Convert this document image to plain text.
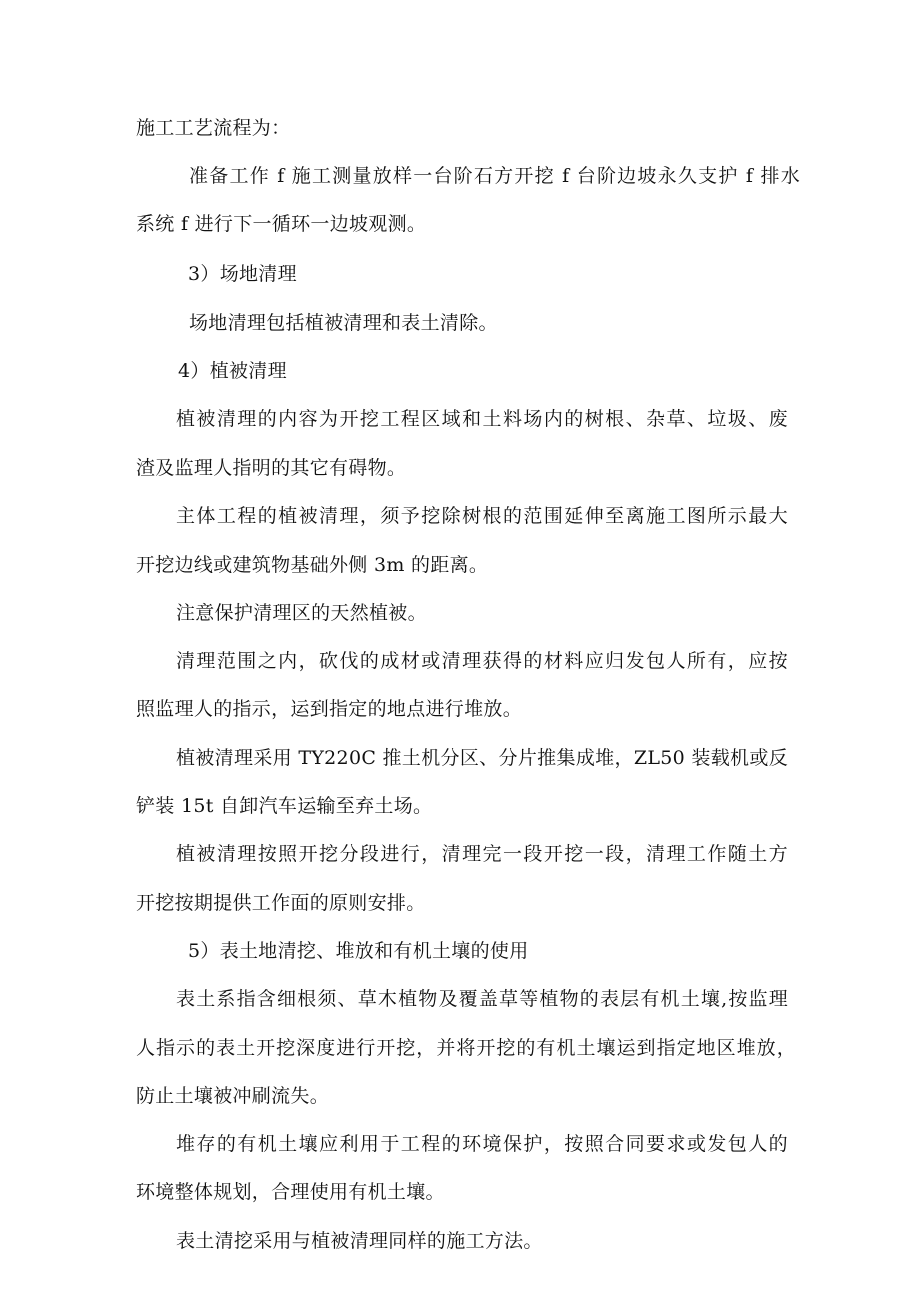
施工工艺流程为：
准备工作 f 施工测量放样一台阶石方开挖 f 台阶边坡永久支护 f 排水
系统 f 进行下一循环一边坡观测。
3）场地清理
场地清理包括植被清理和表土清除。
4）植被清理
植被清理的内容为开挖工程区域和土料场内的树根、杂草、垃圾、废
渣及监理人指明的其它有碍物。
主体工程的植被清理，须予挖除树根的范围延伸至离施工图所示最大
开挖边线或建筑物基础外侧 3m 的距离。
注意保护清理区的天然植被。
清理范围之内，砍伐的成材或清理获得的材料应归发包人所有，应按
照监理人的指示，运到指定的地点进行堆放。
植被清理采用 TY220C 推土机分区、分片推集成堆，ZL50 装载机或反
铲装 15t 自卸汽车运输至弃土场。
植被清理按照开挖分段进行，清理完一段开挖一段，清理工作随土方
开挖按期提供工作面的原则安排。
5）表土地清挖、堆放和有机土壤的使用
表土系指含细根须、草木植物及覆盖草等植物的表层有机土壤,按监理
人指示的表土开挖深度进行开挖，并将开挖的有机土壤运到指定地区堆放，
防止土壤被冲刷流失。
堆存的有机土壤应利用于工程的环境保护，按照合同要求或发包人的
环境整体规划，合理使用有机土壤。
表土清挖采用与植被清理同样的施工方法。
